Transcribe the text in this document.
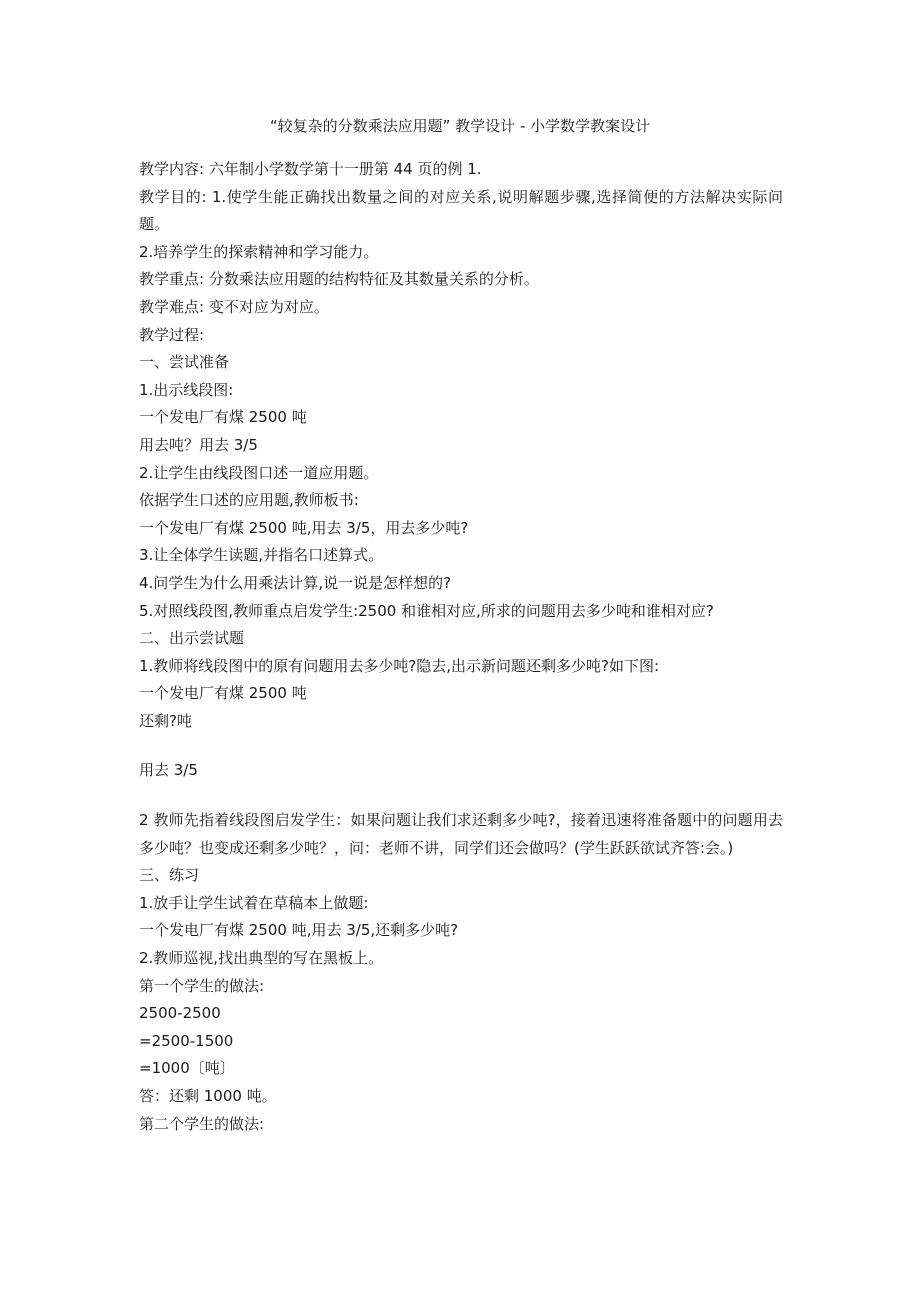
“较复杂的分数乘法应用题” 教学设计 - 小学数学教案设计
教学内容: 六年制小学数学第十一册第 44 页的例 1.
教学目的: 1.使学生能正确找出数量之间的对应关系,说明解题步骤,选择简便的方法解决实际问题。
2.培养学生的探索精神和学习能力。
教学重点: 分数乘法应用题的结构特征及其数量关系的分析。
教学难点: 变不对应为对应。
教学过程:
一、尝试准备
1.出示线段图:
一个发电厂有煤 2500 吨
用去吨？用去 3/5
2.让学生由线段图口述一道应用题。
依据学生口述的应用题,教师板书:
一个发电厂有煤 2500 吨,用去 3/5，用去多少吨?
3.让全体学生读题,并指名口述算式。
4.问学生为什么用乘法计算,说一说是怎样想的?
5.对照线段图,教师重点启发学生:2500 和谁相对应,所求的问题用去多少吨和谁相对应?
二、出示尝试题
1.教师将线段图中的原有问题用去多少吨?隐去,出示新问题还剩多少吨?如下图:
一个发电厂有煤 2500 吨
还剩?吨
用去 3/5
2 教师先指着线段图启发学生：如果问题让我们求还剩多少吨?，接着迅速将准备题中的问题用去多少吨？也变成还剩多少吨？，问：老师不讲，同学们还会做吗？(学生跃跃欲试齐答:会。)
三、练习
1.放手让学生试着在草稿本上做题:
一个发电厂有煤 2500 吨,用去 3/5,还剩多少吨?
2.教师巡视,找出典型的写在黑板上。
第一个学生的做法:
2500-2500
=2500-1500
=1000〔吨〕
答：还剩 1000 吨。
第二个学生的做法:
